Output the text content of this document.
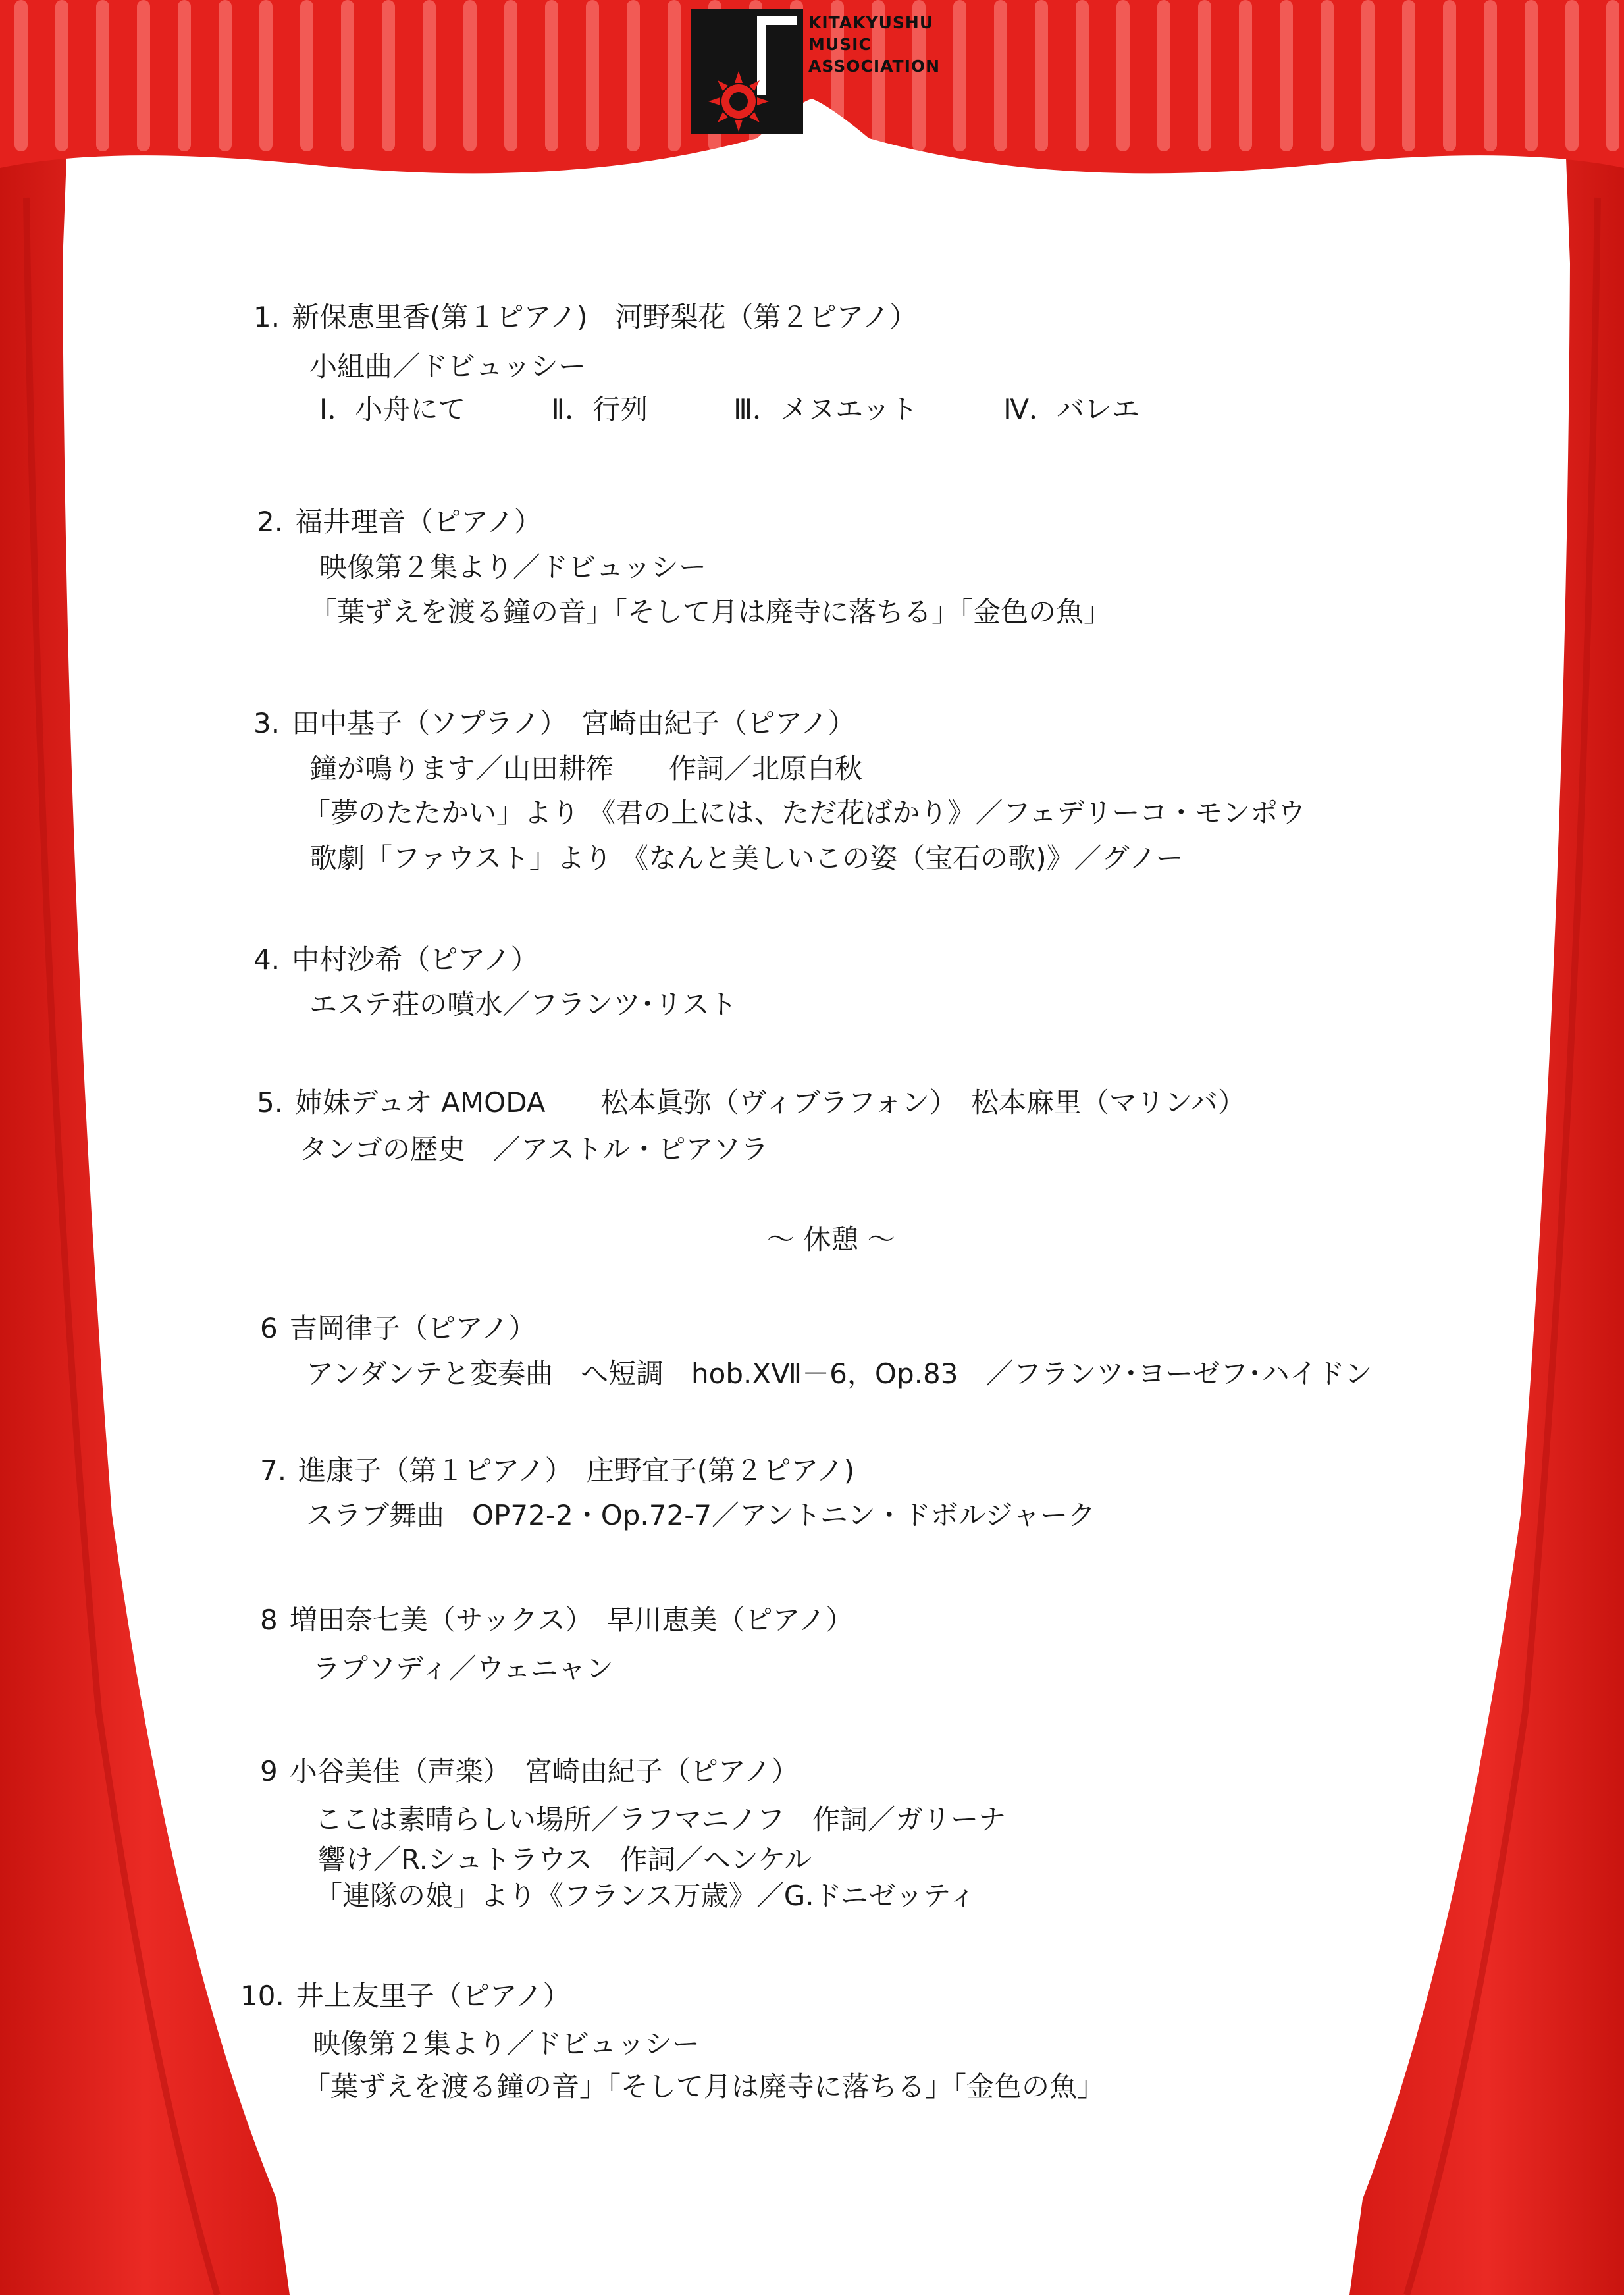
KITAKYUSHU
MUSIC
ASSOCIATION
1. 新保恵里香(第１ピアノ)　河野梨花（第２ピアノ）
小組曲／ドビュッシー
Ⅰ．小舟にて	Ⅱ．行列	Ⅲ．メヌエット	Ⅳ．バレエ
2. 福井理音（ピアノ）
映像第２集より／ドビュッシー
「葉ずえを渡る鐘の音」「そして月は廃寺に落ちる」「金色の魚」
3. 田中基子（ソプラノ）　宮崎由紀子（ピアノ）
鐘が鳴ります／山田耕筰　　作詞／北原白秋
「夢のたたかい」より 《君の上には、ただ花ばかり》／フェデリーコ・モンポウ
歌劇「ファウスト」より 《なんと美しいこの姿（宝石の歌)》／グノー
4. 中村沙希（ピアノ）
エステ荘の噴水／フランツ･リスト
5. 姉妹デュオ AMODA　　松本眞弥（ヴィブラフォン）　松本麻里（マリンバ）
タンゴの歴史　／アストル・ピアソラ
～ 休憩 ～
6 吉岡律子（ピアノ）
アンダンテと変奏曲　へ短調　hob.ⅩⅦ－6，Op.83　／フランツ･ヨーゼフ･ハイドン
7. 進康子（第１ピアノ）　庄野宜子(第２ピアノ)
スラブ舞曲　OP72-2・Op.72-7／アントニン・ドボルジャーク
8 増田奈七美（サックス）　早川恵美（ピアノ）
ラプソディ／ウェニャン
9 小谷美佳（声楽）　宮崎由紀子（ピアノ）
ここは素晴らしい場所／ラフマニノフ　作詞／ガリーナ
響け／R.シュトラウス　作詞／ヘンケル
「連隊の娘」より《フランス万歳》／G.ドニゼッティ
10. 井上友里子（ピアノ）
映像第２集より／ドビュッシー
「葉ずえを渡る鐘の音」「そして月は廃寺に落ちる」「金色の魚」
